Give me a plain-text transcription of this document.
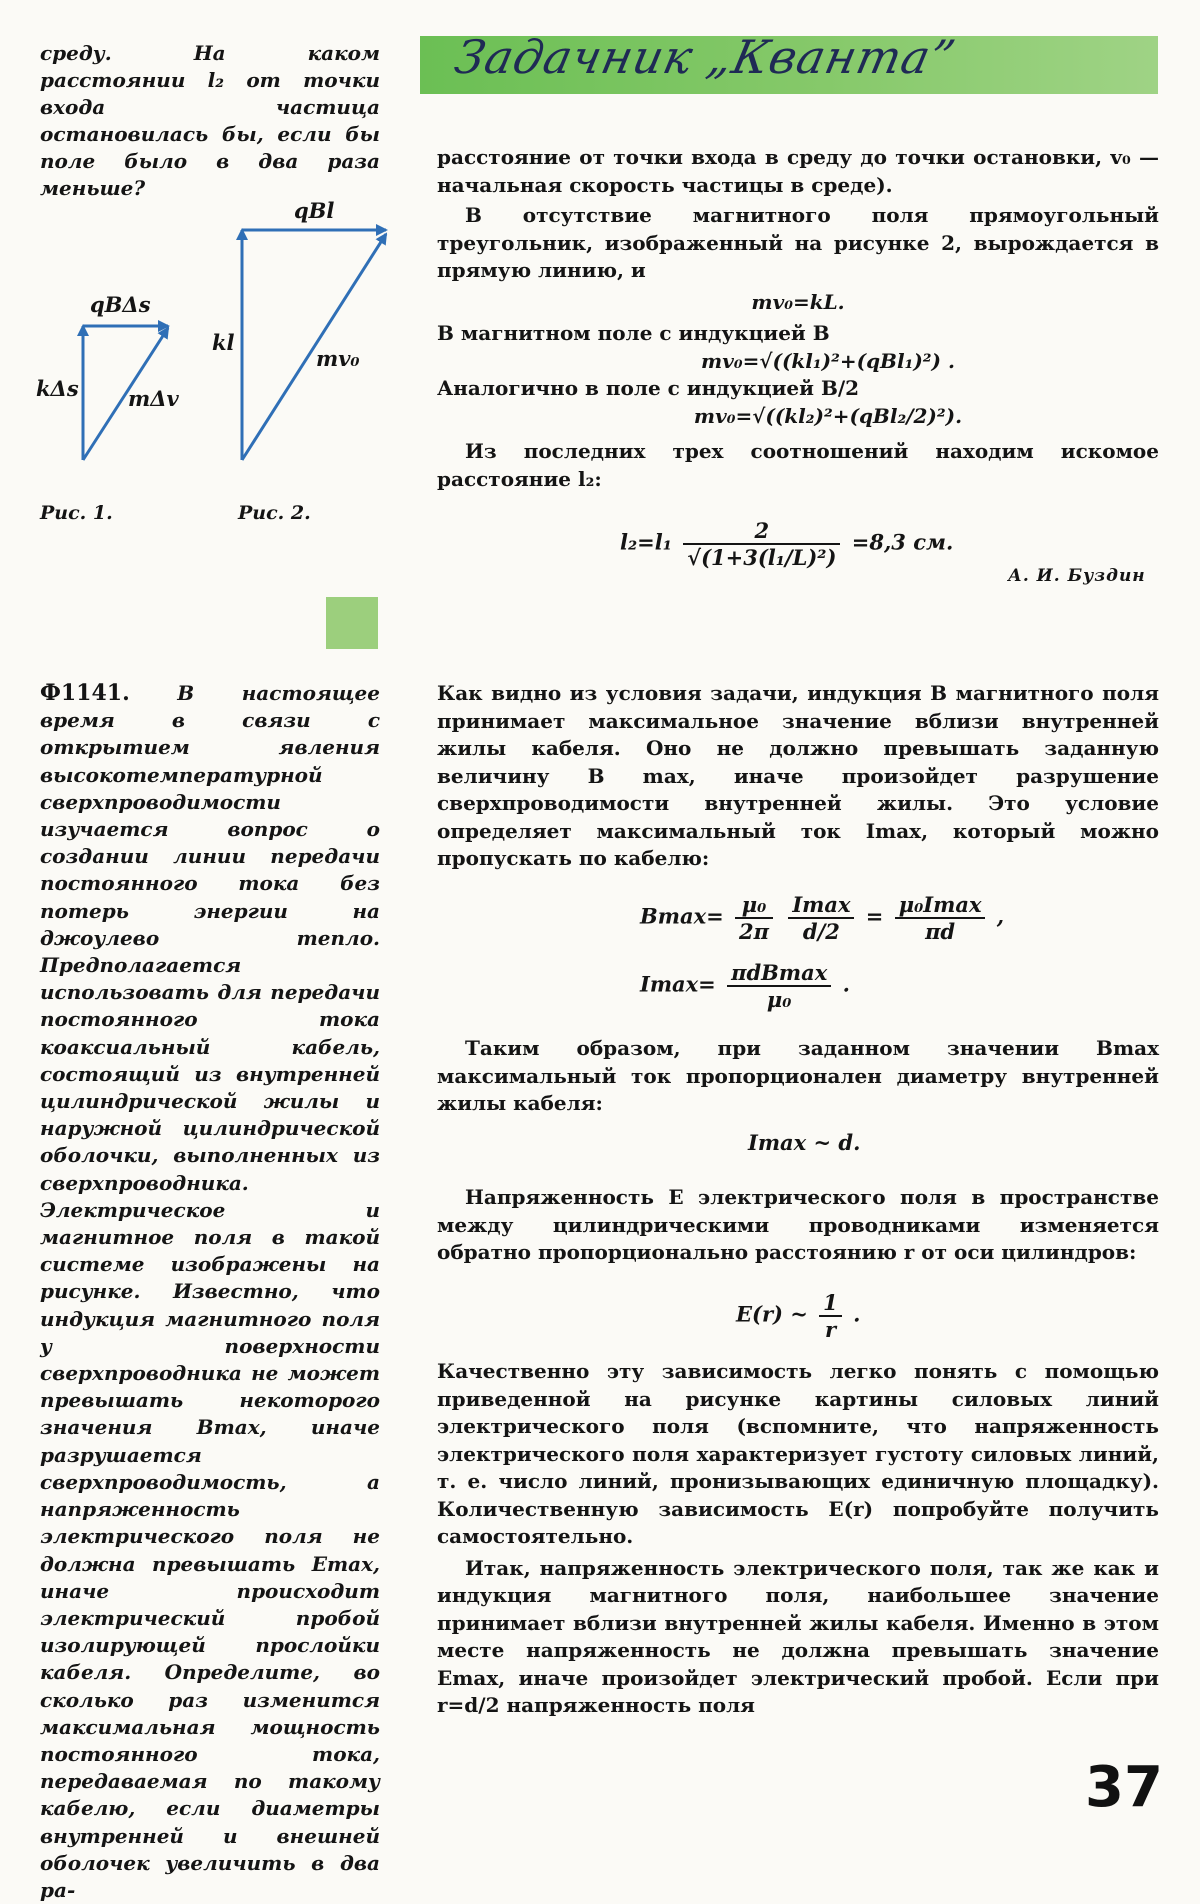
Задачник „Кванта”
среду. На каком расстоянии l₂ от точки входа частица остановилась бы, если бы поле было в два раза меньше?
qBΔs
kΔs mΔv
qBl
kl
mv₀
Рис. 1.	Рис. 2.

расстояние от точки входа в среду до точки остановки, v₀ — начальная скорость частицы в среде).

В отсутствие магнитного поля прямоугольный треугольник, изображенный на рисунке 2, вырождается в прямую линию, и

mv₀=kL.

В магнитном поле с индукцией B

mv₀=√((kl₁)²+(qBl₁)²) .

Аналогично в поле с индукцией B/2

mv₀=√((kl₂)²+(qBl₂/2)²).

Из последних трех соотношений находим искомое расстояние l₂:

$l_2=l_1 \frac{2}{\text{√(1+3(l₁/L)²)}} =8,3$ см.
А. И. Буздин
Ф1141. В настоящее время в связи с открытием явления высокотемпературной сверхпроводимости изучается вопрос о создании линии передачи постоянного тока без потерь энергии на джоулево тепло. Предполагается использовать для передачи постоянного тока коаксиальный кабель, состоящий из внутренней цилиндрической жилы и наружной цилиндрической оболочки, выполненных из сверхпроводника. Электрическое и магнитное поля в такой системе изображены на рисунке. Известно, что индукция магнитного поля у поверхности сверхпроводника не может превышать некоторого значения Bmax, иначе разрушается сверхпроводимость, а напряженность электрического поля не должна превышать Emax, иначе происходит электрический пробой изолирующей прослойки кабеля. Определите, во сколько раз изменится максимальная мощность постоянного тока, передаваемая по такому кабелю, если диаметры внутренней и внешней оболочек увеличить в два ра-

Как видно из условия задачи, индукция B магнитного поля принимает максимальное значение вблизи внутренней жилы кабеля. Оно не должно превышать заданную величину B max, иначе произойдет разрушение сверхпроводимости внутренней жилы. Это условие определяет максимальный ток Imax, который можно пропускать по кабелю:

$Bmax= \frac{\text{μ₀}}{2\pi}$
$\frac{Imax}{d/2} = \frac{\text{μ₀Imax}}{\pi d}$ ,
$Imax= \frac{\text{πdBmax}}{\text{μ₀}}$ .

Таким образом, при заданном значении Bmax максимальный ток пропорционален диаметру внутренней жилы кабеля:

Imax ~ d.

Напряженность E электрического поля в пространстве между цилиндрическими проводниками изменяется обратно пропорционально расстоянию r от оси цилиндров:

E(r) ~ $\frac{1}{r}$ .

Качественно эту зависимость легко понять с помощью приведенной на рисунке картины силовых линий электрического поля (вспомните, что напряженность электрического поля характеризует густоту силовых линий, т. е. число линий, пронизывающих единичную площадку). Количественную зависимость E(r) попробуйте получить самостоятельно.

Итак, напряженность электрического поля, так же как и индукция магнитного поля, наибольшее значение принимает вблизи внутренней жилы кабеля. Именно в этом месте напряженность не должна превышать значение Emax, иначе произойдет электрический пробой. Если при r=d/2 напряженность поля

37
